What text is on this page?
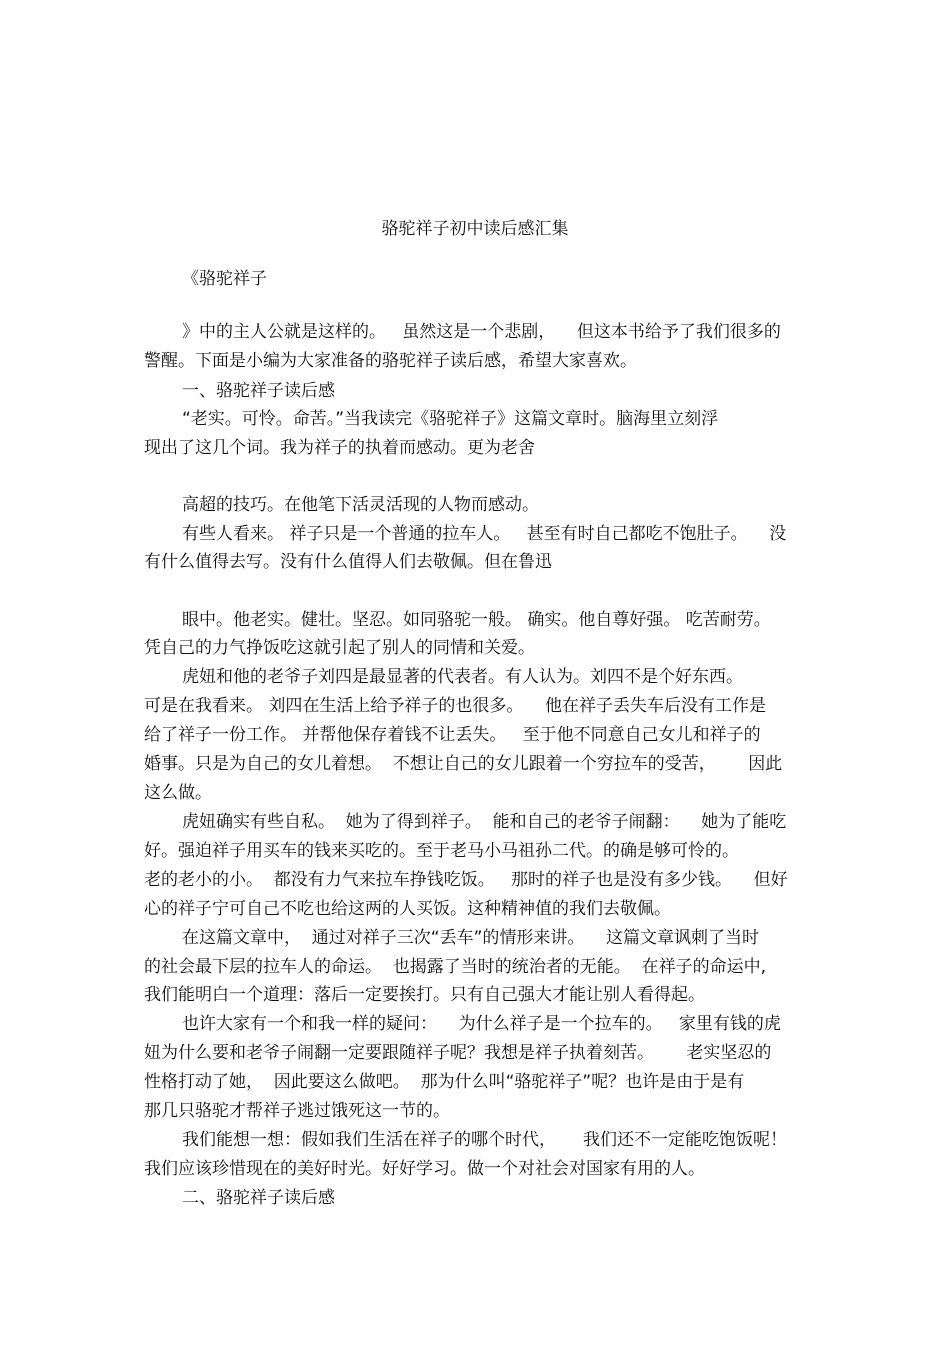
骆驼祥子初中读后感汇集
《骆驼祥子
》中的主人公就是这样的。   虽然这是一个悲剧，    但这本书给予了我们很多的
警醒。下面是小编为大家准备的骆驼祥子读后感，希望大家喜欢。
一、骆驼祥子读后感
“老实。可怜。命苦。”当我读完《骆驼祥子》这篇文章时。脑海里立刻浮
现出了这几个词。我为祥子的执着而感动。更为老舍
高超的技巧。在他笔下活灵活现的人物而感动。
有些人看来。 祥子只是一个普通的拉车人。   甚至有时自己都吃不饱肚子。    没
有什么值得去写。没有什么值得人们去敬佩。但在鲁迅
眼中。他老实。健壮。坚忍。如同骆驼一般。 确实。他自尊好强。 吃苦耐劳。
凭自己的力气挣饭吃这就引起了别人的同情和关爱。
虎妞和他的老爷子刘四是最显著的代表者。有人认为。刘四不是个好东西。
可是在我看来。 刘四在生活上给予祥子的也很多。    他在祥子丢失车后没有工作是
给了祥子一份工作。 并帮他保存着钱不让丢失。   至于他不同意自己女儿和祥子的
婚事。只是为自己的女儿着想。  不想让自己的女儿跟着一个穷拉车的受苦，      因此
这么做。
虎妞确实有些自私。  她为了得到祥子。  能和自己的老爷子闹翻：    她为了能吃
好。强迫祥子用买车的钱来买吃的。至于老马小马祖孙二代。的确是够可怜的。
老的老小的小。  都没有力气来拉车挣钱吃饭。   那时的祥子也是没有多少钱。    但好
心的祥子宁可自己不吃也给这两的人买饭。这种精神值的我们去敬佩。
在这篇文章中，  通过对祥子三次“丢车”的情形来讲。    这篇文章讽刺了当时
的社会最下层的拉车人的命运。  也揭露了当时的统治者的无能。  在祥子的命运中,
我们能明白一个道理：落后一定要挨打。只有自己强大才能让别人看得起。
也许大家有一个和我一样的疑问：    为什么祥子是一个拉车的。   家里有钱的虎
妞为什么要和老爷子闹翻一定要跟随祥子呢？我想是祥子执着刻苦。      老实坚忍的
性格打动了她，  因此要这么做吧。  那为什么叫“骆驼祥子”呢？也许是由于是有
那几只骆驼才帮祥子逃过饿死这一节的。
我们能想一想：假如我们生活在祥子的哪个时代，     我们还不一定能吃饱饭呢！
我们应该珍惜现在的美好时光。好好学习。做一个对社会对国家有用的人。
二、骆驼祥子读后感
